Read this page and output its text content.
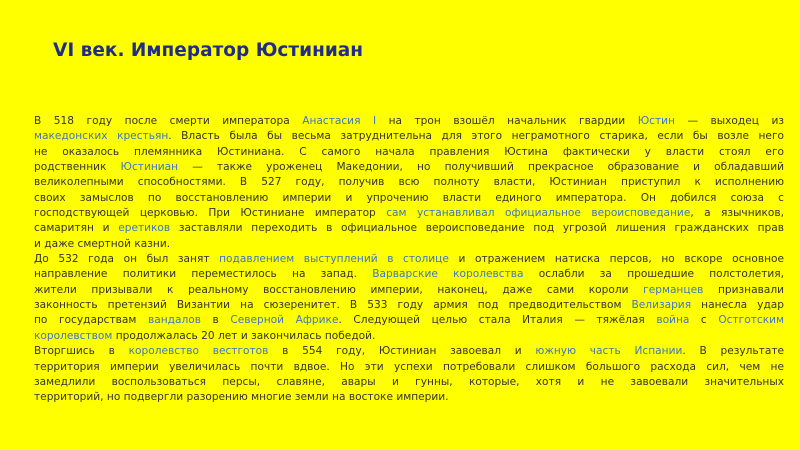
VI век. Император Юстиниан
В 518 году после смерти императора Анастасия I на трон взошёл начальник гвардии Юстин — выходец из
македонских крестьян. Власть была бы весьма затруднительна для этого неграмотного старика, если бы возле него
не оказалось племянника Юстиниана. С самого начала правления Юстина фактически у власти стоял его
родственник Юстиниан — также уроженец Македонии, но получивший прекрасное образование и обладавший
великолепными способностями. В 527 году, получив всю полноту власти, Юстиниан приступил к исполнению
своих замыслов по восстановлению империи и упрочению власти единого императора. Он добился союза с
господствующей церковью. При Юстиниане император сам устанавливал официальное вероисповедание, а язычников,
самаритян и еретиков заставляли переходить в официальное вероисповедание под угрозой лишения гражданских прав
и даже смертной казни.
До 532 года он был занят подавлением выступлений в столице и отражением натиска персов, но вскоре основное
направление политики переместилось на запад. Варварские королевства ослабли за прошедшие полстолетия,
жители призывали к реальному восстановлению империи, наконец, даже сами короли германцев признавали
законность претензий Византии на сюзеренитет. В 533 году армия под предводительством Велизария нанесла удар
по государствам вандалов в Северной Африке. Следующей целью стала Италия — тяжёлая война с Остготским
королевством продолжалась 20 лет и закончилась победой.
Вторгшись в королевство вестготов в 554 году, Юстиниан завоевал и южную часть Испании. В результате
территория империи увеличилась почти вдвое. Но эти успехи потребовали слишком большого расхода сил, чем не
замедлили воспользоваться персы, славяне, авары и гунны, которые, хотя и не завоевали значительных
территорий, но подвергли разорению многие земли на востоке империи.
